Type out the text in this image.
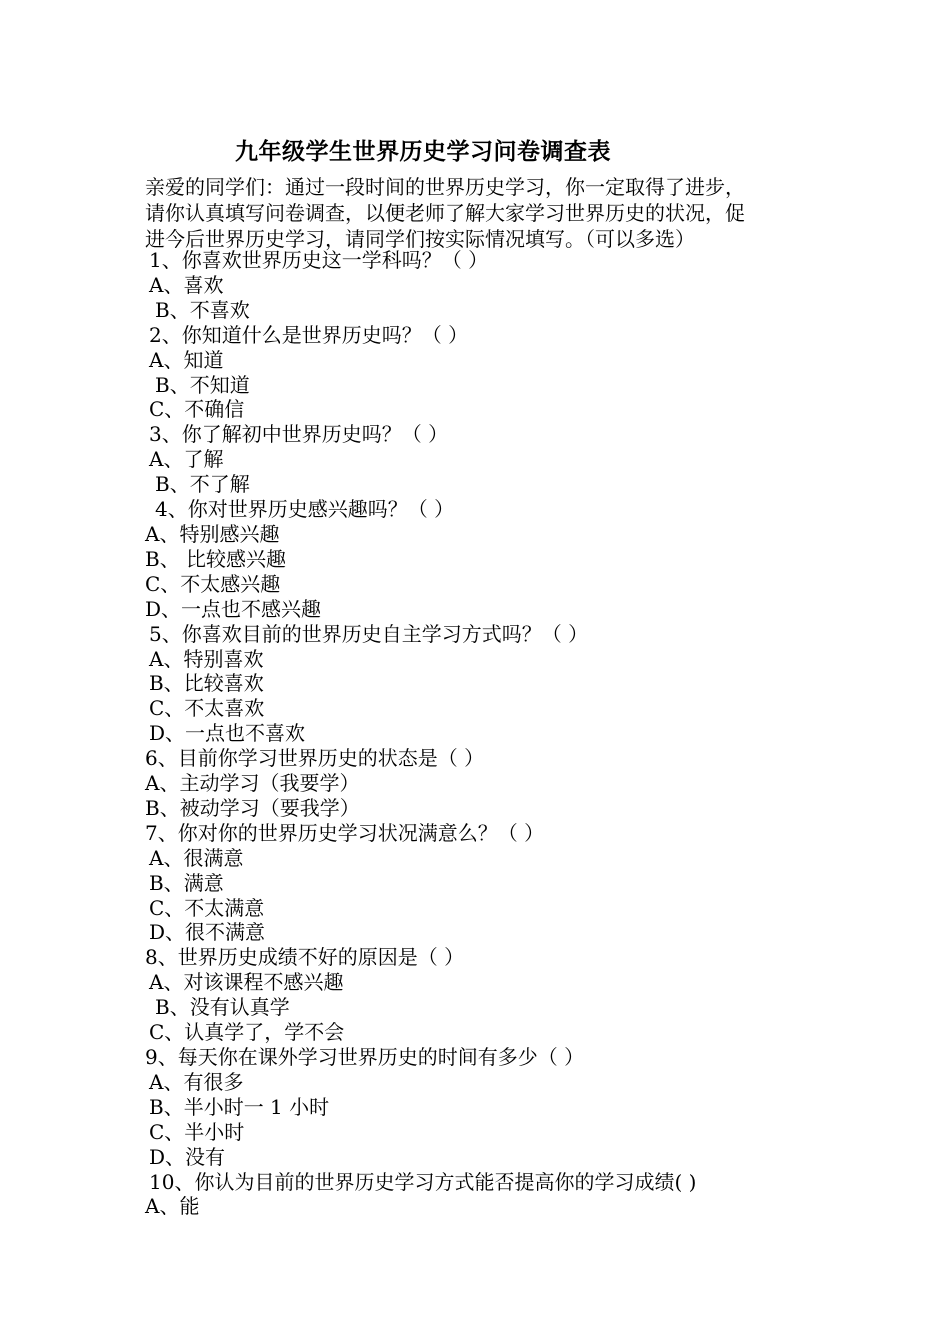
九年级学生世界历史学习问卷调查表
亲爱的同学们：通过一段时间的世界历史学习，你一定取得了进步，
请你认真填写问卷调查，以便老师了解大家学习世界历史的状况，促
进今后世界历史学习，请同学们按实际情况填写。（可以多选）
1、你喜欢世界历史这一学科吗？（ ）
A、喜欢
B、不喜欢
2、你知道什么是世界历史吗？（ ）
A、知道
B、不知道
C、不确信
3、你了解初中世界历史吗？（ ）
A、了解
B、不了解
4、你对世界历史感兴趣吗？（ ）
A、特别感兴趣
B、 比较感兴趣
C、不太感兴趣
D、一点也不感兴趣
5、你喜欢目前的世界历史自主学习方式吗？（ ）
A、特别喜欢
B、比较喜欢
C、不太喜欢
D、一点也不喜欢
6、目前你学习世界历史的状态是（ ）
A、主动学习（我要学）
B、被动学习（要我学）
7、你对你的世界历史学习状况满意么？（ ）
A、很满意
B、满意
C、不太满意
D、很不满意
8、世界历史成绩不好的原因是（ ）
A、对该课程不感兴趣
B、没有认真学
C、认真学了，学不会
9、每天你在课外学习世界历史的时间有多少（ ）
A、有很多
B、半小时一 1 小时
C、半小时
D、没有
10、你认为目前的世界历史学习方式能否提高你的学习成绩( )
A、能
